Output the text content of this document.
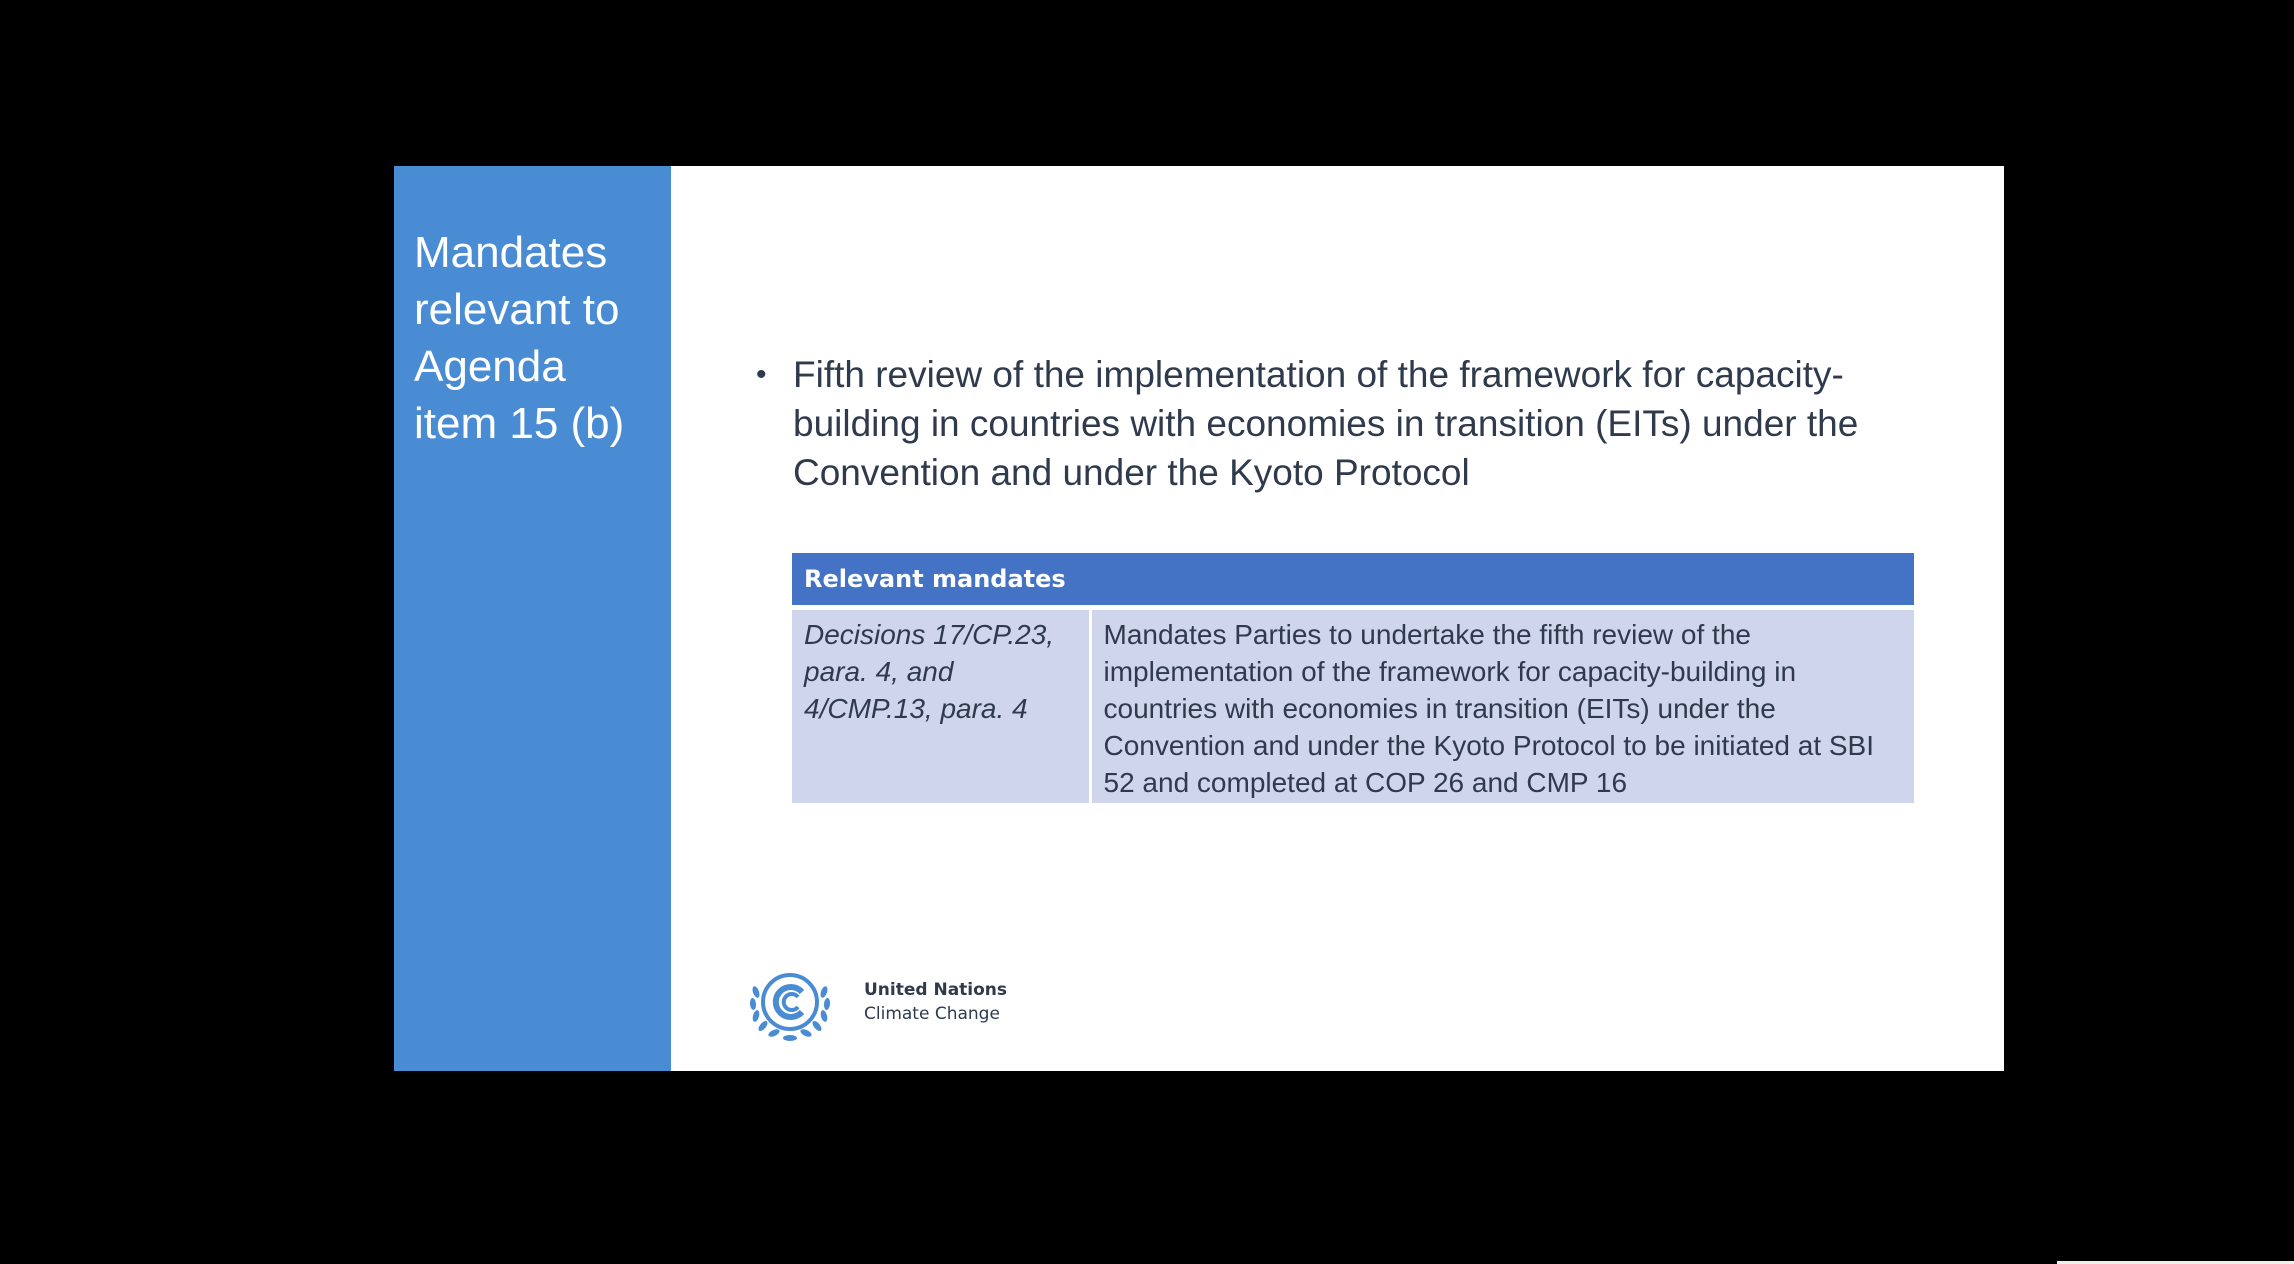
Mandates relevant to Agenda item 15 (b)
• Fifth review of the implementation of the framework for capacity-building in countries with economies in transition (EITs) under the Convention and under the Kyoto Protocol
Relevant mandates
Decisions 17/CP.23, para. 4, and 4/CMP.13, para. 4	Mandates Parties to undertake the fifth review of the implementation of the framework for capacity-building in countries with economies in transition (EITs) under the Convention and under the Kyoto Protocol to be initiated at SBI 52 and completed at COP 26 and CMP 16
United Nations
Climate Change
